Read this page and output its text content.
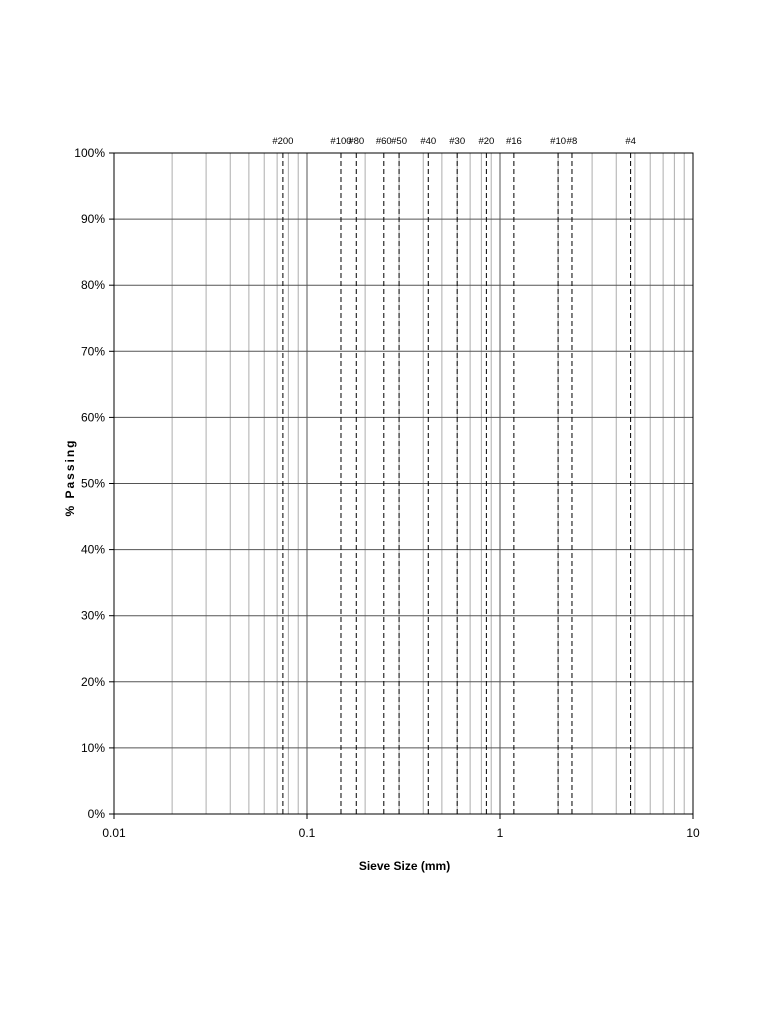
#200	#100
#80 #60 #50 #40 #30 #20 #16	#10 #8	#4
0%
10%
20%
30%
40%
50%
60%
70%
80%
90%
100%
0.01	0.1	1	10
Sieve Size (mm)
% Passing
